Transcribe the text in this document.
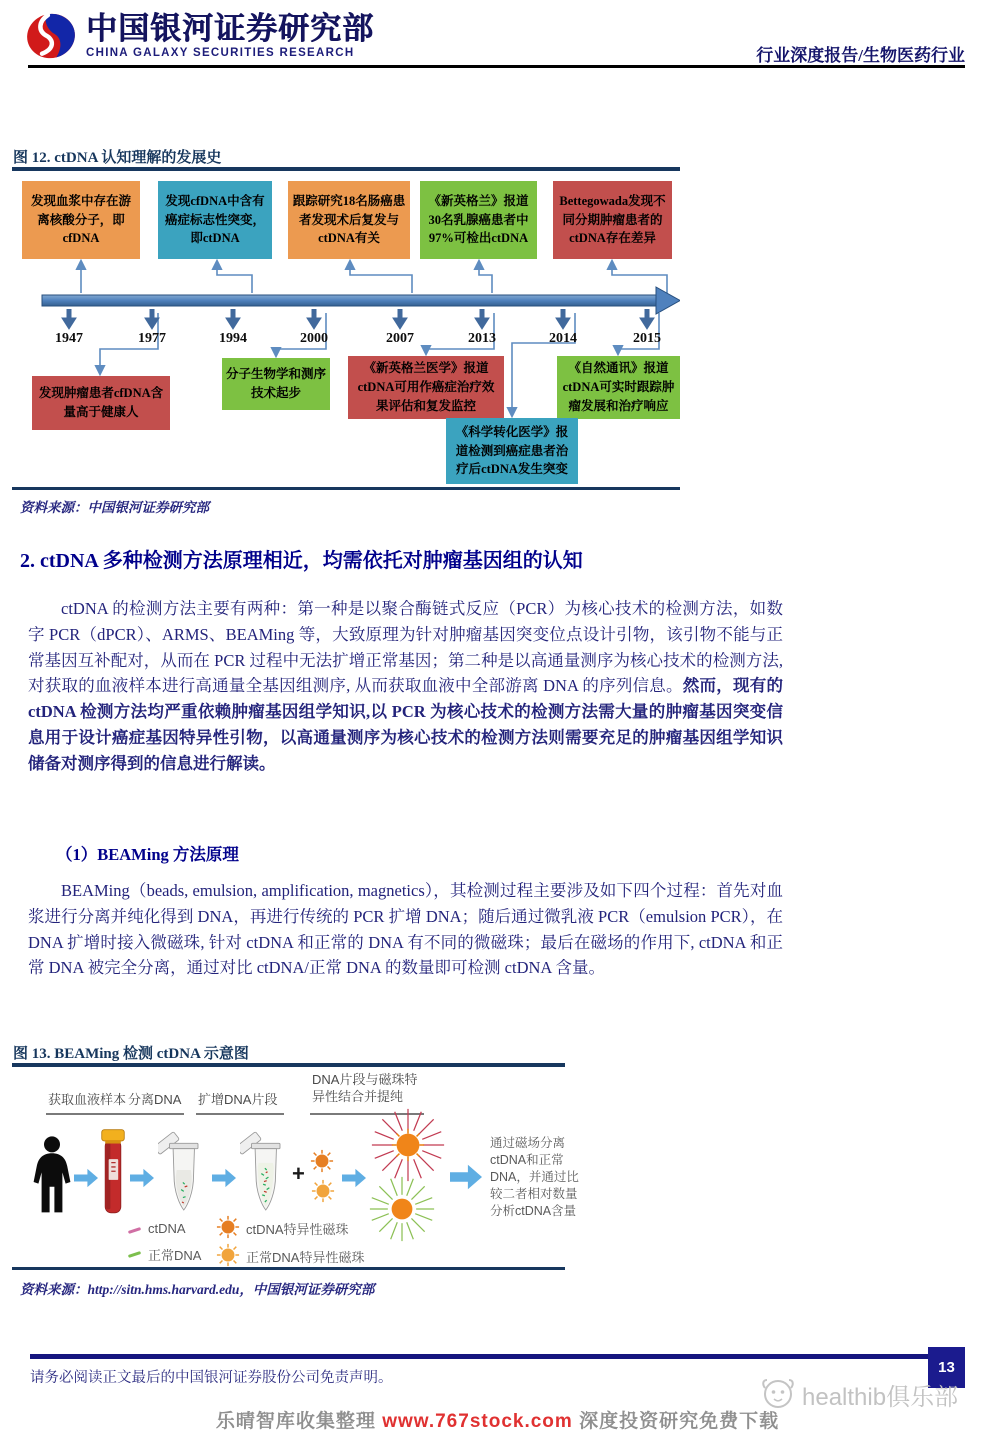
中国银河证券研究部
CHINA GALAXY SECURITIES RESEARCH	行业深度报告/生物医药行业
图 12. ctDNA 认知理解的发展史
发现血浆中存在游离核酸分子，即cfDNA
发现cfDNA中含有癌症标志性突变，即ctDNA
跟踪研究18名肠癌患者发现术后复发与ctDNA有关
《新英格兰》报道30名乳腺癌患者中97%可检出ctDNA
Bettegowada发现不同分期肿瘤患者的ctDNA存在差异
1947	1977	1994	2000	2007	2013	2014	2015
发现肿瘤患者cfDNA含量高于健康人
分子生物学和测序技术起步
《新英格兰医学》报道ctDNA可用作癌症治疗效果评估和复发监控
《自然通讯》报道ctDNA可实时跟踪肿瘤发展和治疗响应
《科学转化医学》报道检测到癌症患者治疗后ctDNA发生突变
资料来源：中国银河证券研究部
2. ctDNA 多种检测方法原理相近，均需依托对肿瘤基因组的认知
ctDNA 的检测方法主要有两种：第一种是以聚合酶链式反应（PCR）为核心技术的检测方法，如数字 PCR（dPCR）、ARMS、BEAMing 等，大致原理为针对肿瘤基因突变位点设计引物，该引物不能与正常基因互补配对，从而在 PCR 过程中无法扩增正常基因；第二种是以高通量测序为核心技术的检测方法, 对获取的血液样本进行高通量全基因组测序, 从而获取血液中全部游离 DNA 的序列信息。然而，现有的 ctDNA 检测方法均严重依赖肿瘤基因组学知识,以 PCR 为核心技术的检测方法需大量的肿瘤基因突变信息用于设计癌症基因特异性引物，以高通量测序为核心技术的检测方法则需要充足的肿瘤基因组学知识储备对测序得到的信息进行解读。
（1）BEAMing 方法原理
BEAMing（beads, emulsion, amplification, magnetics），其检测过程主要涉及如下四个过程：首先对血浆进行分离并纯化得到 DNA，再进行传统的 PCR 扩增 DNA；随后通过微乳液 PCR（emulsion PCR），在 DNA 扩增时接入微磁珠, 针对 ctDNA 和正常的 DNA 有不同的微磁珠；最后在磁场的作用下, ctDNA 和正常 DNA 被完全分离，通过对比 ctDNA/正常 DNA 的数量即可检测 ctDNA 含量。
图 13. BEAMing 检测 ctDNA 示意图
获取血液样本 分离DNA 扩增DNA片段
DNA片段与磁珠特异性结合并提纯
+
通过磁场分离ctDNA和正常DNA，并通过比较二者相对数量分析ctDNA含量
ctDNA
正常DNA
ctDNA特异性磁珠
正常DNA特异性磁珠
资料来源：http://sitn.hms.harvard.edu，中国银河证券研究部
13
请务必阅读正文最后的中国银河证券股份公司免责声明。
healthib俱乐部
乐晴智库收集整理 www.767stock.com 深度投资研究免费下载
